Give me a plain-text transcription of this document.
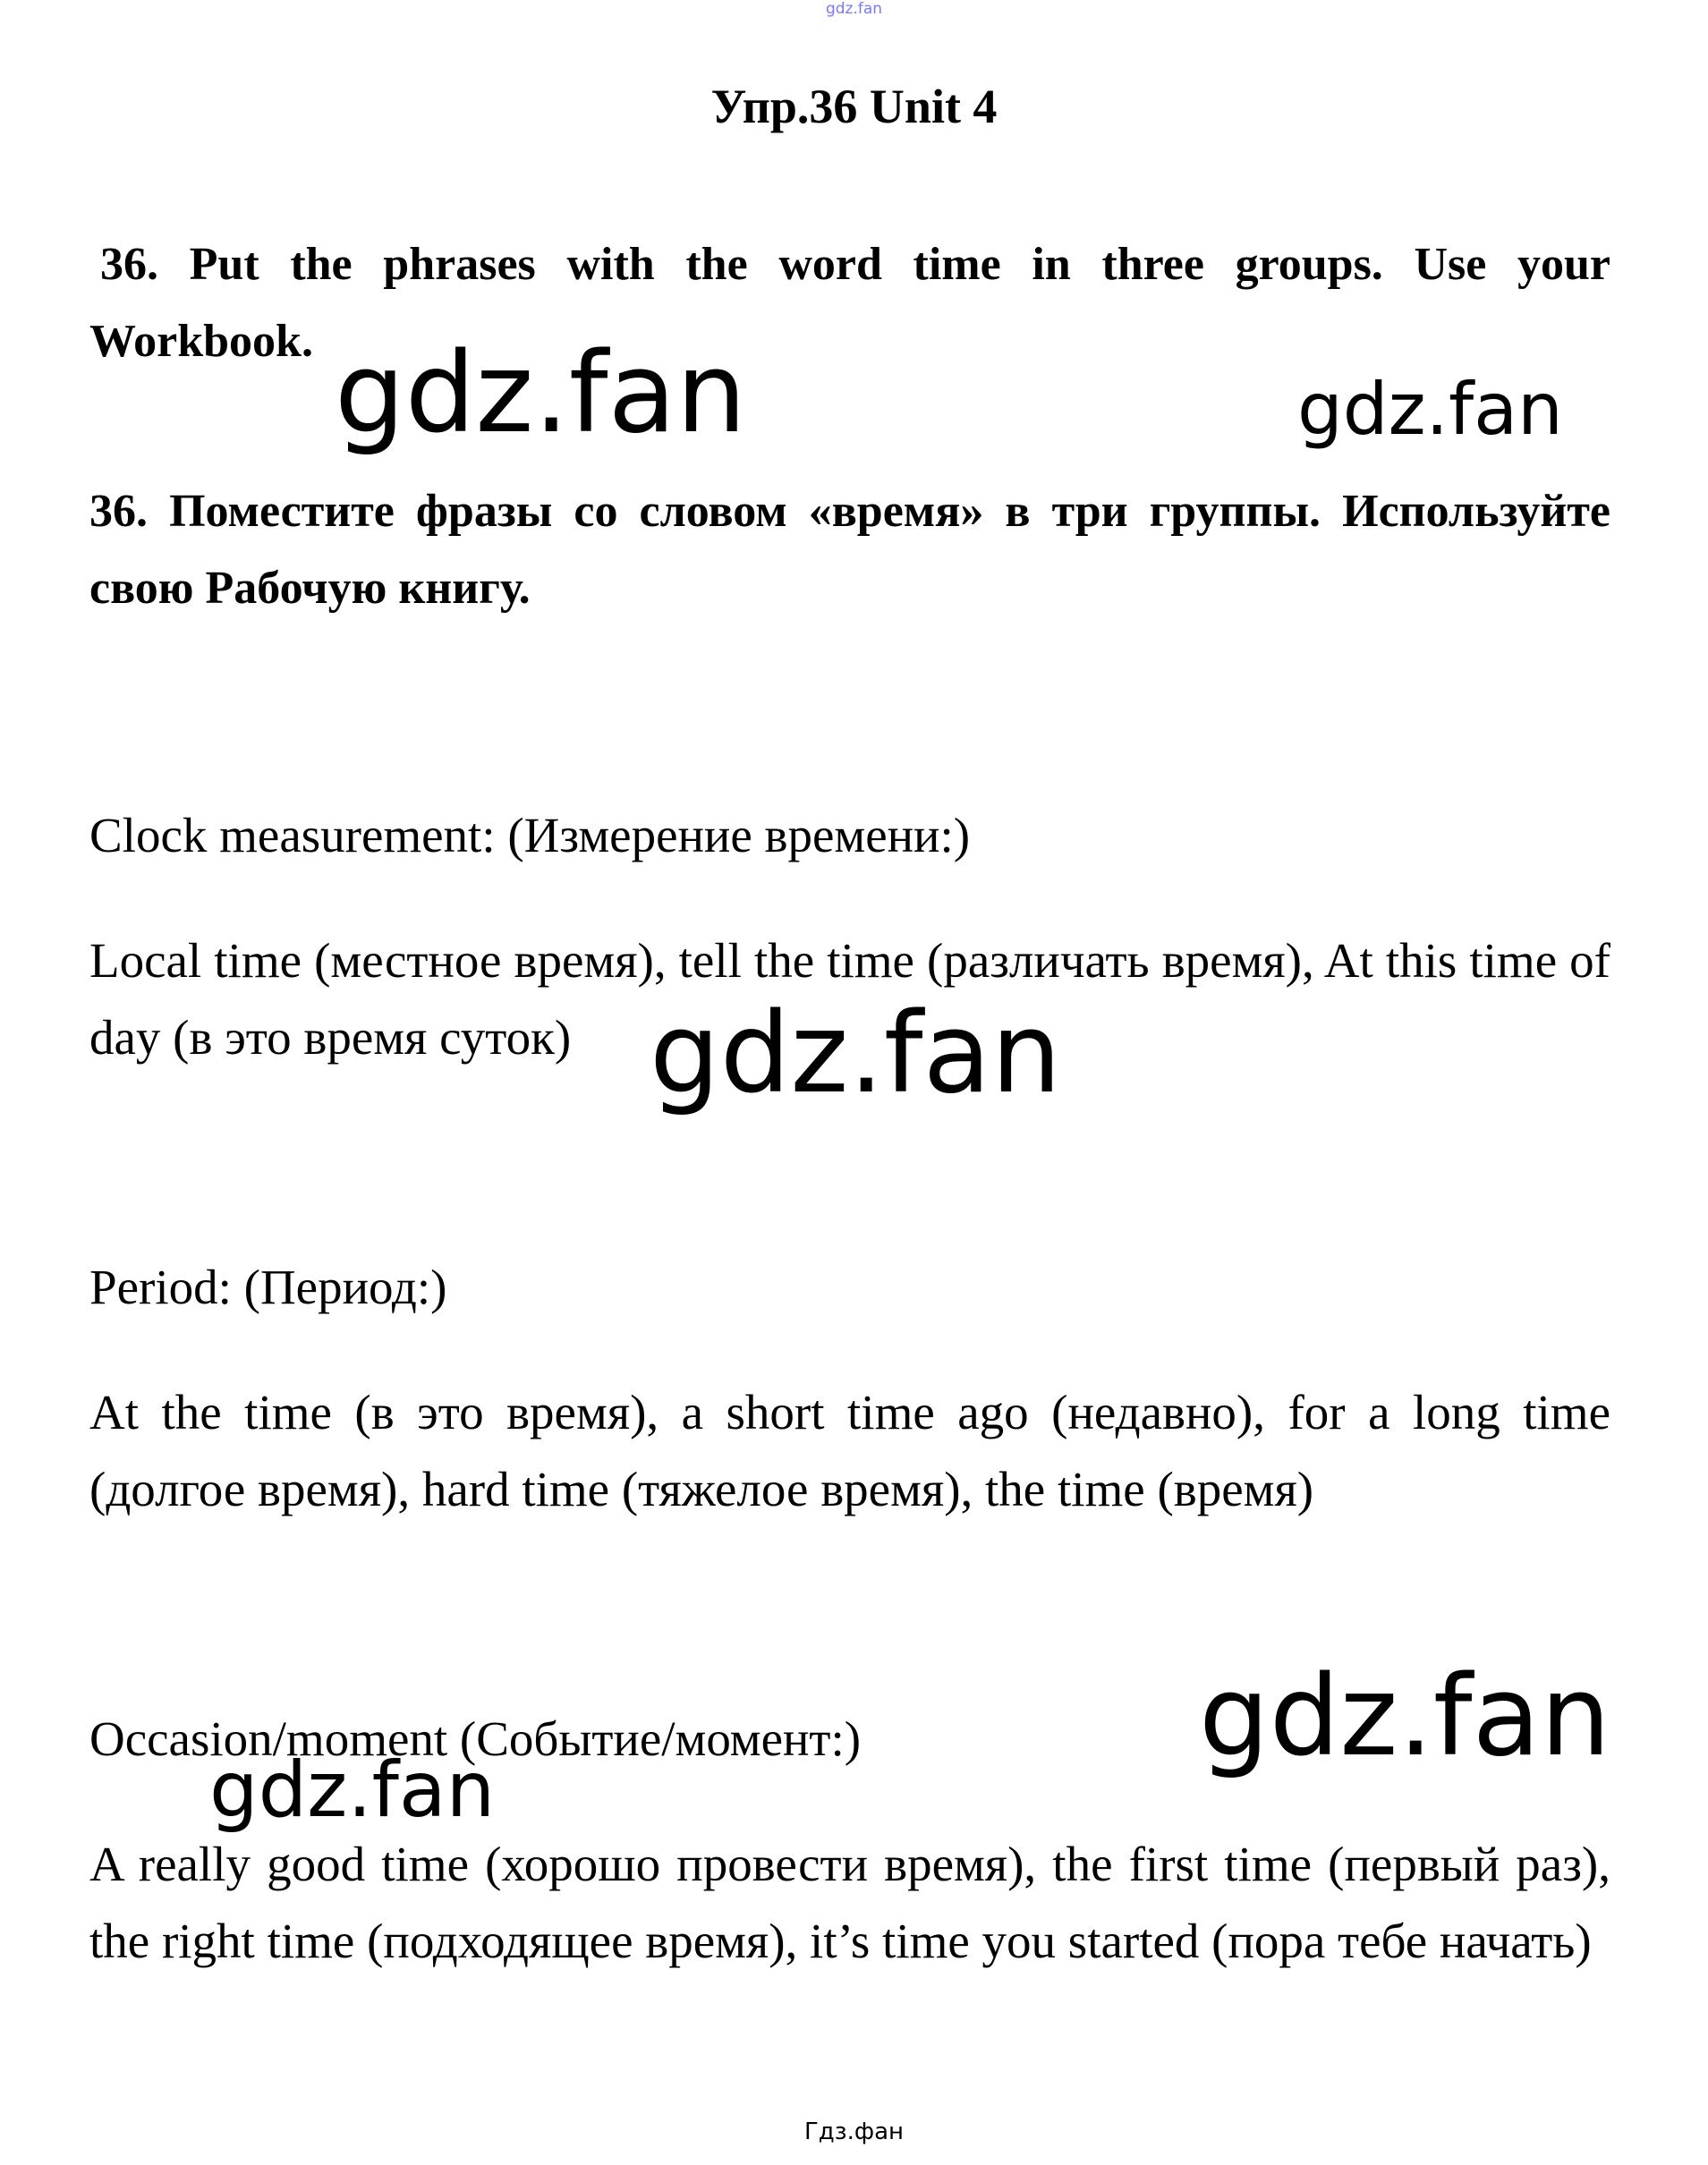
gdz.fan
Упр.36 Unit 4

36. Put the phrases with the word time in three groups. Use your Workbook.

36. Поместите фразы со словом «время» в три группы. Используйте свою Рабочую книгу.

Clock measurement: (Измерение времени:)

Local time (местное время), tell the time (различать время), At this time of day (в это время суток)

Period: (Период:)

At the time (в это время), a short time ago (недавно), for a long time (долгое время), hard time (тяжелое время), the time (время)

Occasion/moment (Событие/момент:)

A really good time (хорошо провести время), the first time (первый раз), the right time (подходящее время), it’s time you started (пора тебе начать)

gdz.fan	gdz.fan
gdz.fan
gdz.fan
gdz.fan
Гдз.фан
